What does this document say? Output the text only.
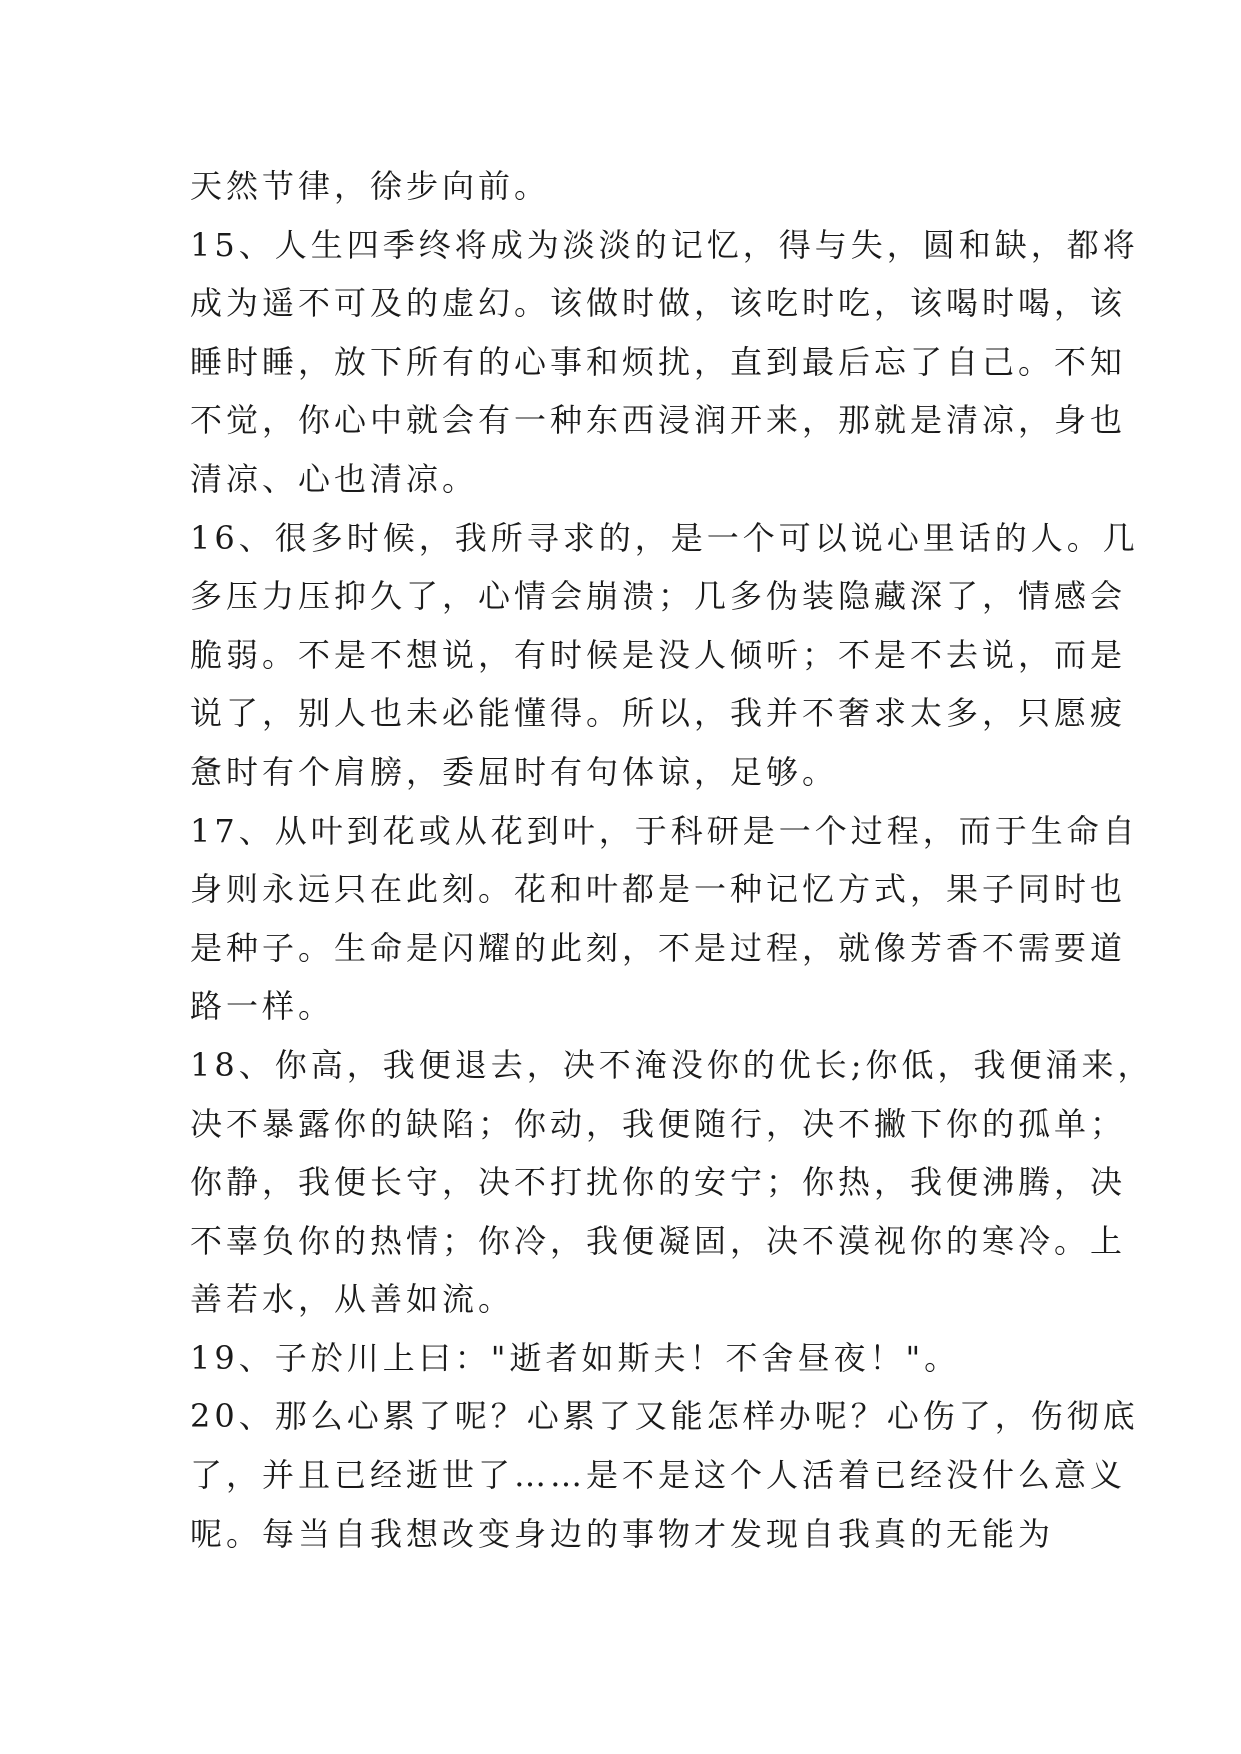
天然节律，徐步向前。
15、人生四季终将成为淡淡的记忆，得与失，圆和缺，都将
成为遥不可及的虚幻。该做时做，该吃时吃，该喝时喝，该
睡时睡，放下所有的心事和烦扰，直到最后忘了自己。不知
不觉，你心中就会有一种东西浸润开来，那就是清凉，身也
清凉、心也清凉。
16、很多时候，我所寻求的，是一个可以说心里话的人。几
多压力压抑久了，心情会崩溃；几多伪装隐藏深了，情感会
脆弱。不是不想说，有时候是没人倾听；不是不去说，而是
说了，别人也未必能懂得。所以，我并不奢求太多，只愿疲
惫时有个肩膀，委屈时有句体谅，足够。
17、从叶到花或从花到叶，于科研是一个过程，而于生命自
身则永远只在此刻。花和叶都是一种记忆方式，果子同时也
是种子。生命是闪耀的此刻，不是过程，就像芳香不需要道
路一样。
18、你高，我便退去，决不淹没你的优长;你低，我便涌来，
决不暴露你的缺陷；你动，我便随行，决不撇下你的孤单；
你静，我便长守，决不打扰你的安宁；你热，我便沸腾，决
不辜负你的热情；你冷，我便凝固，决不漠视你的寒冷。上
善若水，从善如流。
19、子於川上曰："逝者如斯夫！不舍昼夜！"。
20、那么心累了呢？心累了又能怎样办呢？心伤了，伤彻底
了，并且已经逝世了……是不是这个人活着已经没什么意义
呢。每当自我想改变身边的事物才发现自我真的无能为
